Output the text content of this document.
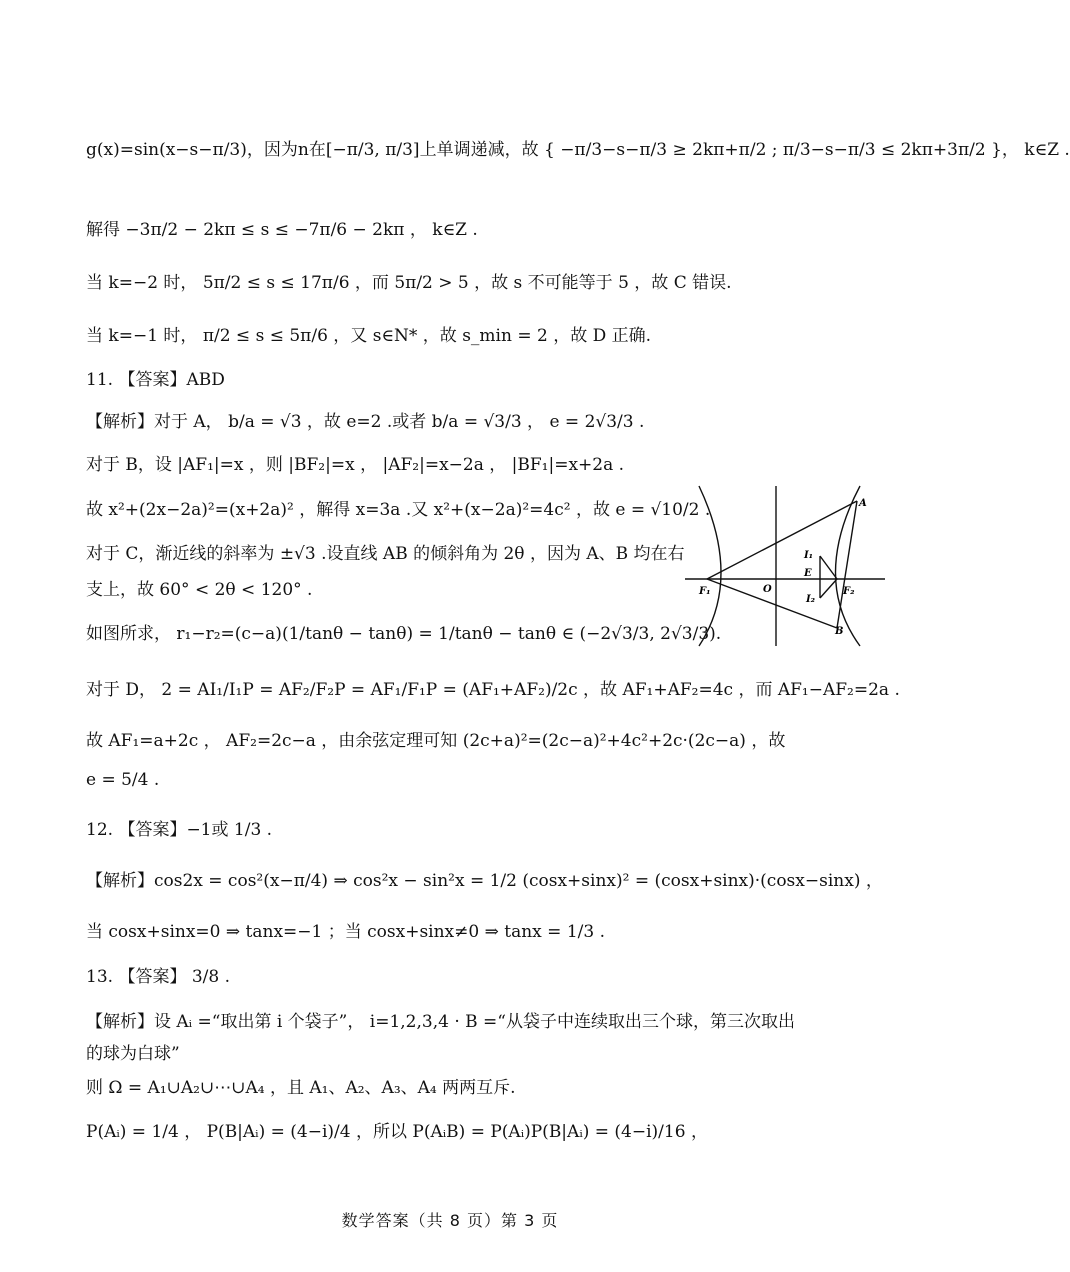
g(x)=sin(x−s−π/3)，因为n在[−π/3, π/3]上单调递减，故 { −π/3−s−π/3 ≥ 2kπ+π/2 ; π/3−s−π/3 ≤ 2kπ+3π/2 }， k∈Z .
解得 −3π/2 − 2kπ ≤ s ≤ −7π/6 − 2kπ ， k∈Z .
当 k=−2 时， 5π/2 ≤ s ≤ 17π/6 ，而 5π/2 > 5 ，故 s 不可能等于 5 ，故 C 错误.
当 k=−1 时， π/2 ≤ s ≤ 5π/6 ，又 s∈N* ，故 s_min = 2 ，故 D 正确.
11. 【答案】ABD
【解析】对于 A， b/a = √3 ，故 e=2 .或者 b/a = √3/3 ， e = 2√3/3 .
对于 B，设 |AF₁|=x ，则 |BF₂|=x ， |AF₂|=x−2a ， |BF₁|=x+2a .
故 x²+(2x−2a)²=(x+2a)² ，解得 x=3a .又 x²+(x−2a)²=4c² ，故 e = √10/2 .
对于 C，渐近线的斜率为 ±√3 .设直线 AB 的倾斜角为 2θ ，因为 A、B 均在右
支上，故 60° < 2θ < 120° .
如图所求， r₁−r₂=(c−a)(1/tanθ − tanθ) = 1/tanθ − tanθ ∈ (−2√3/3, 2√3/3).
对于 D， 2 = AI₁/I₁P = AF₂/F₂P = AF₁/F₁P = (AF₁+AF₂)/2c ，故 AF₁+AF₂=4c ，而 AF₁−AF₂=2a .
故 AF₁=a+2c ， AF₂=2c−a ，由余弦定理可知 (2c+a)²=(2c−a)²+4c²+2c·(2c−a) ，故
e = 5/4 .
12. 【答案】−1或 1/3 .
【解析】cos2x = cos²(x−π/4) ⇒ cos²x − sin²x = 1/2 (cosx+sinx)² = (cosx+sinx)·(cosx−sinx) ，
当 cosx+sinx=0 ⇒ tanx=−1 ；当 cosx+sinx≠0 ⇒ tanx = 1/3 .
13. 【答案】 3/8 .
【解析】设 Aᵢ =“取出第 i 个袋子”， i=1,2,3,4 · B =“从袋子中连续取出三个球，第三次取出
的球为白球”
则 Ω = A₁∪A₂∪⋯∪A₄ ，且 A₁、A₂、A₃、A₄ 两两互斥.
P(Aᵢ) = 1/4 ， P(B|Aᵢ) = (4−i)/4 ，所以 P(AᵢB) = P(Aᵢ)P(B|Aᵢ) = (4−i)/16 ，
A
B
F₁	F₂
O
E
I₁
I₂
数学答案（共 8 页）第 3 页
